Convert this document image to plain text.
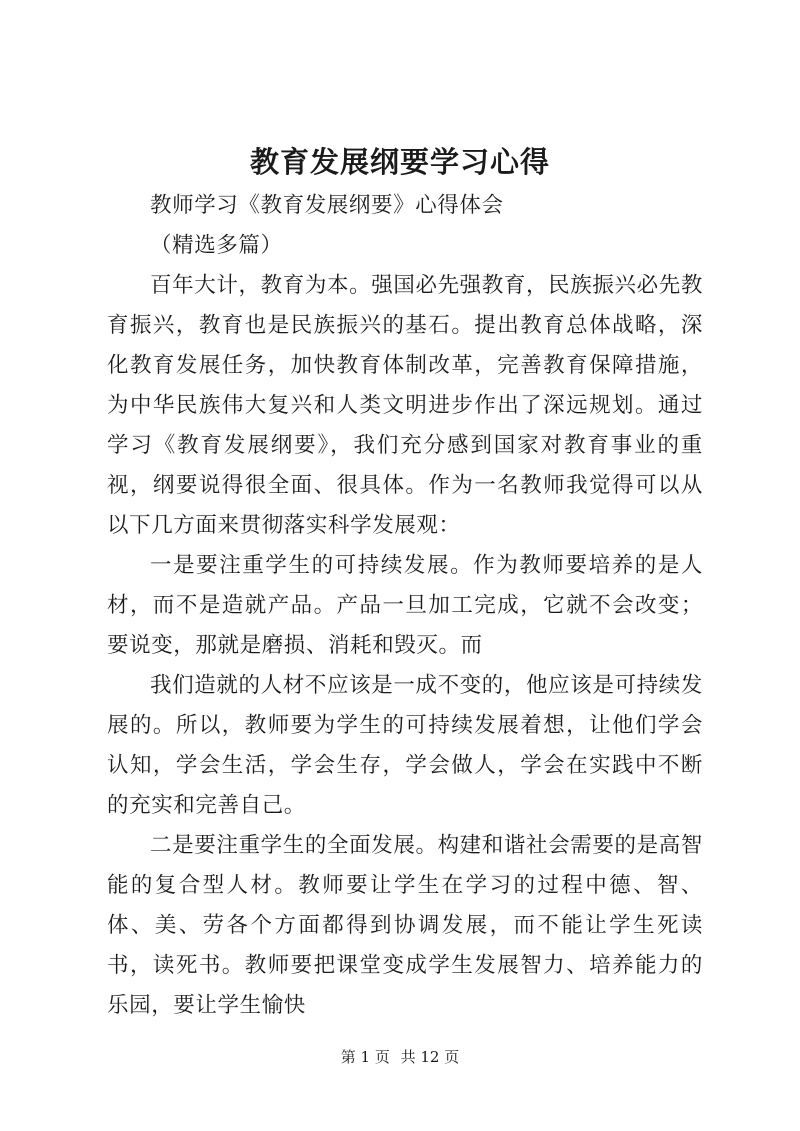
教育发展纲要学习心得

教师学习《教育发展纲要》心得体会

（精选多篇）

百年大计，教育为本。强国必先强教育，民族振兴必先教育振兴，教育也是民族振兴的基石。提出教育总体战略，深化教育发展任务，加快教育体制改革，完善教育保障措施，为中华民族伟大复兴和人类文明进步作出了深远规划。通过学习《教育发展纲要》，我们充分感到国家对教育事业的重视，纲要说得很全面、很具体。作为一名教师我觉得可以从以下几方面来贯彻落实科学发展观：

一是要注重学生的可持续发展。作为教师要培养的是人材，而不是造就产品。产品一旦加工完成，它就不会改变；要说变，那就是磨损、消耗和毁灭。而

我们造就的人材不应该是一成不变的，他应该是可持续发展的。所以，教师要为学生的可持续发展着想，让他们学会认知，学会生活，学会生存，学会做人，学会在实践中不断的充实和完善自己。

二是要注重学生的全面发展。构建和谐社会需要的是高智能的复合型人材。教师要让学生在学习的过程中德、智、体、美、劳各个方面都得到协调发展，而不能让学生死读书，读死书。教师要把课堂变成学生发展智力、培养能力的乐园，要让学生愉快

第 1 页 共 12 页
